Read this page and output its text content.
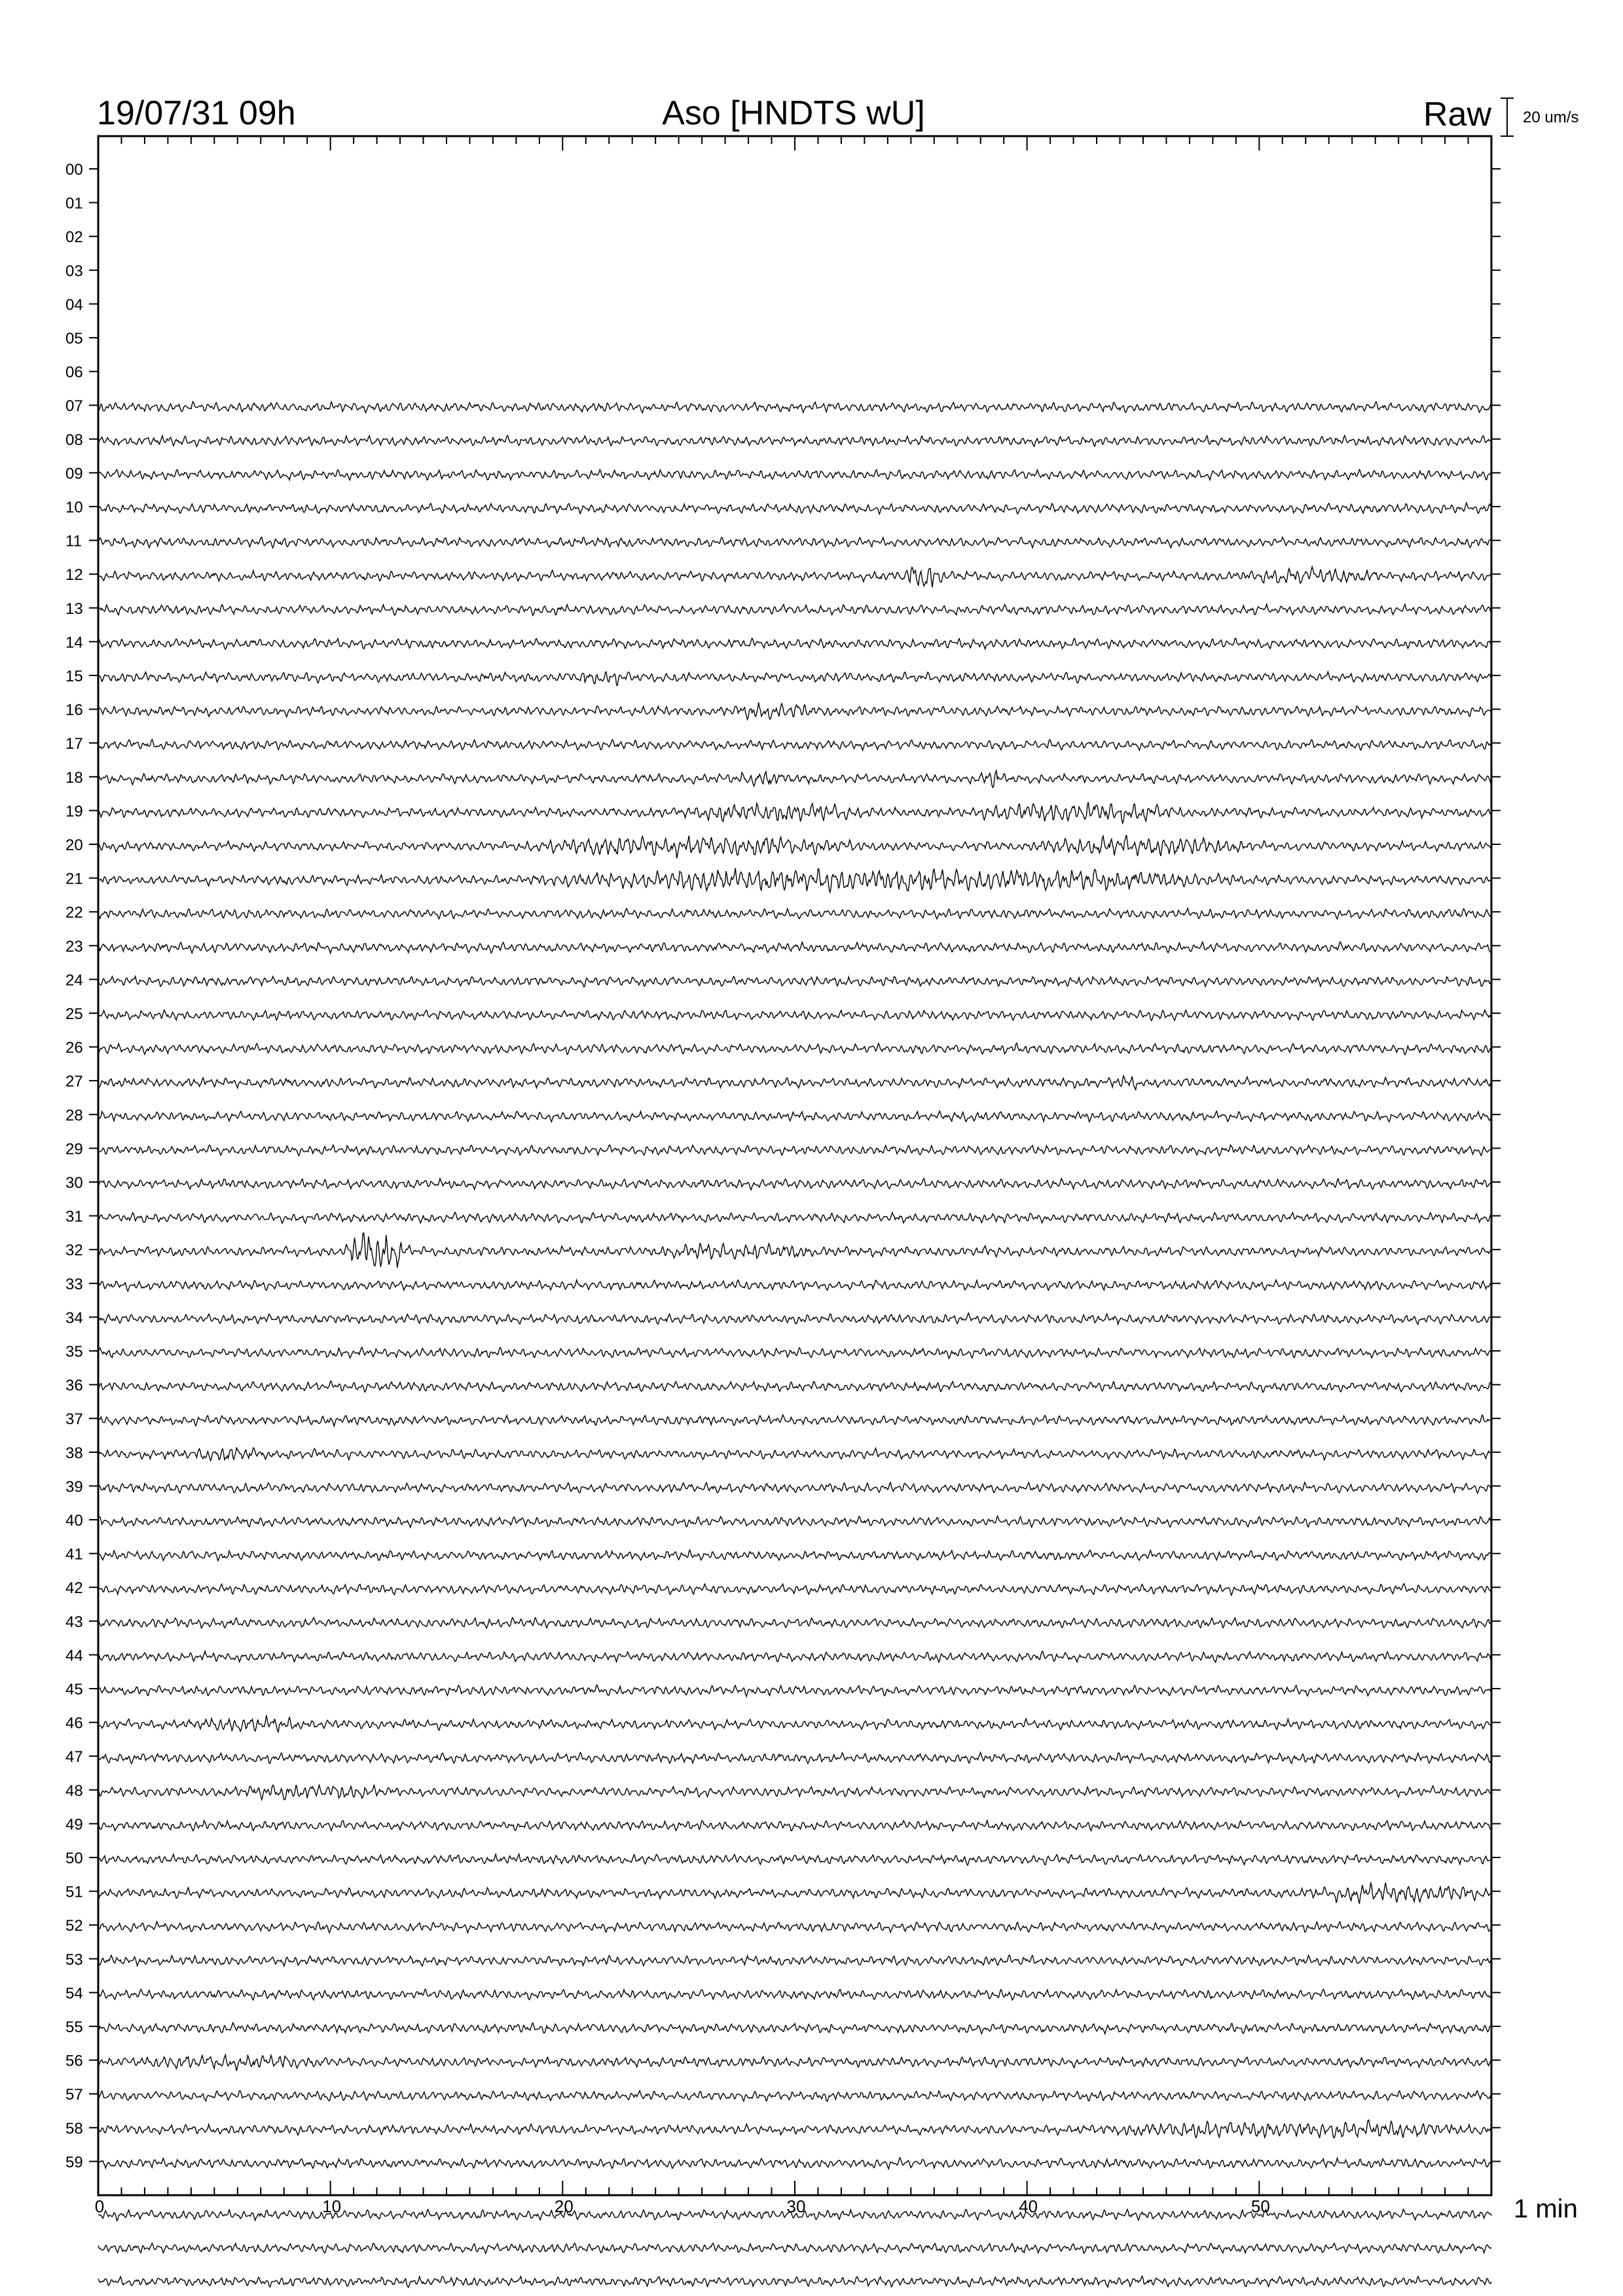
19/07/31 09h	Aso [HNDTS wU]	Raw 20 um/s
0	10	20	30	40	50
00
01
02
03
04
05
06
07
08
09
10
11
12
13
14
15
16
17
18
19
20
21
22
23
24
25
26
27
28
29
30
31
32
33
34
35
36
37
38
39
40
41
42
43
44
45
46
47
48
49
50
51
52
53
54
55
56
57
58
59
1 min
